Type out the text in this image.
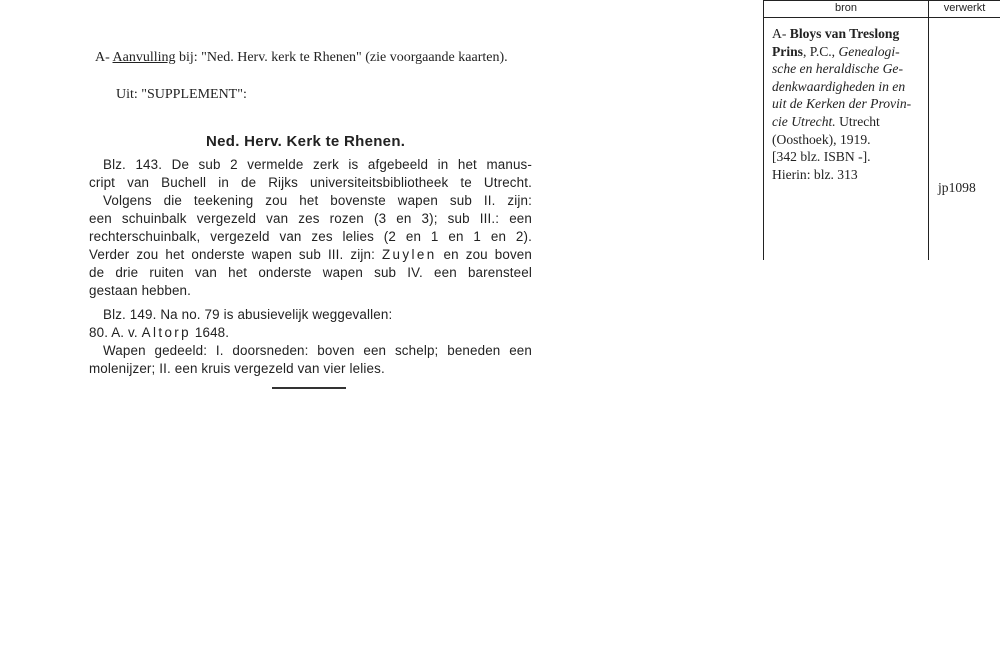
A- Aanvulling bij: "Ned. Herv. kerk te Rhenen" (zie voorgaande kaarten).
Uit: "SUPPLEMENT":
Ned. Herv. Kerk te Rhenen.
Blz. 143. De sub 2 vermelde zerk is afgebeeld in het manus-
cript van Buchell in de Rijks universiteitsbibliotheek te Utrecht.
Volgens die teekening zou het bovenste wapen sub II. zijn:
een schuinbalk vergezeld van zes rozen (3 en 3); sub III.: een
rechterschuinbalk, vergezeld van zes lelies (2 en 1 en 1 en 2).
Verder zou het onderste wapen sub III. zijn: Zuylen en zou boven
de drie ruiten van het onderste wapen sub IV. een barensteel
gestaan hebben.
Blz. 149. Na no. 79 is abusievelijk weggevallen:
80. A. v. Altorp 1648.
Wapen gedeeld: I. doorsneden: boven een schelp; beneden een
molenijzer; II. een kruis vergezeld van vier lelies.
bron	verwerkt
A- Bloys van Treslong
Prins, P.C., Genealogi-
sche en heraldische Ge-
denkwaardigheden in en
uit de Kerken der Provin-
cie Utrecht. Utrecht
(Oosthoek), 1919.
[342 blz. ISBN -].
Hierin: blz. 313
jp1098
